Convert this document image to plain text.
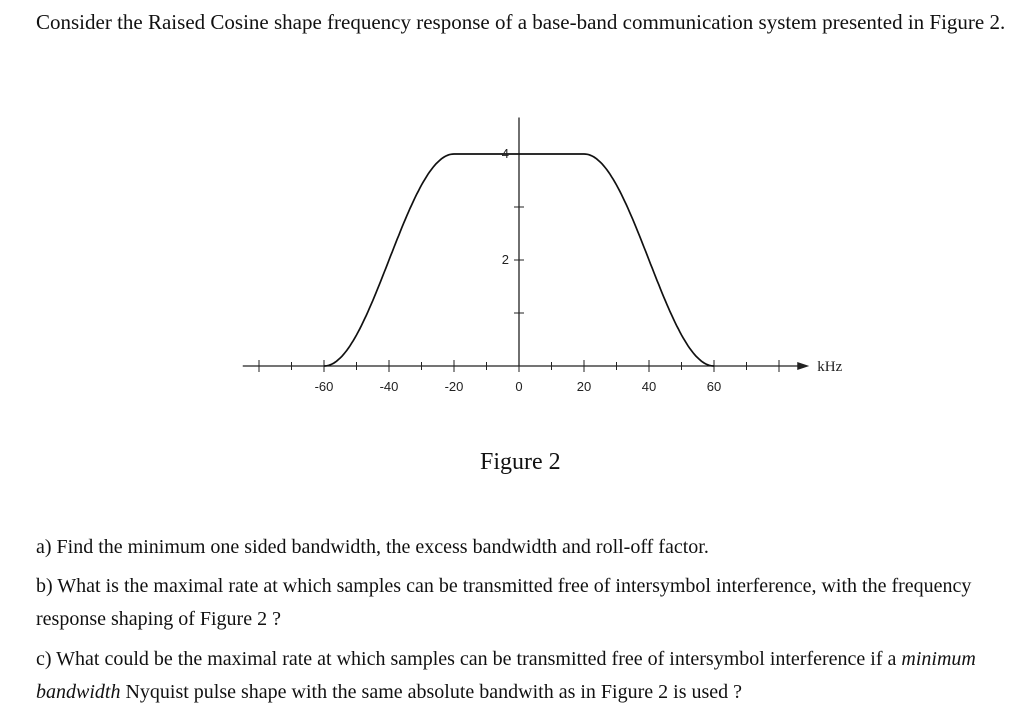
Consider the Raised Cosine shape frequency response of a base-band communication system presented in Figure 2.

-60	-40	-20	0	20	40	60
2
4
kHz

Figure 2

a) Find the minimum one sided bandwidth, the excess bandwidth and roll-off factor.

b) What is the maximal rate at which samples can be transmitted free of intersymbol interference, with the frequency response shaping of Figure 2 ?

c) What could be the maximal rate at which samples can be transmitted free of intersymbol interference if a minimum bandwidth Nyquist pulse shape with the same absolute bandwith as in Figure 2 is used ?
